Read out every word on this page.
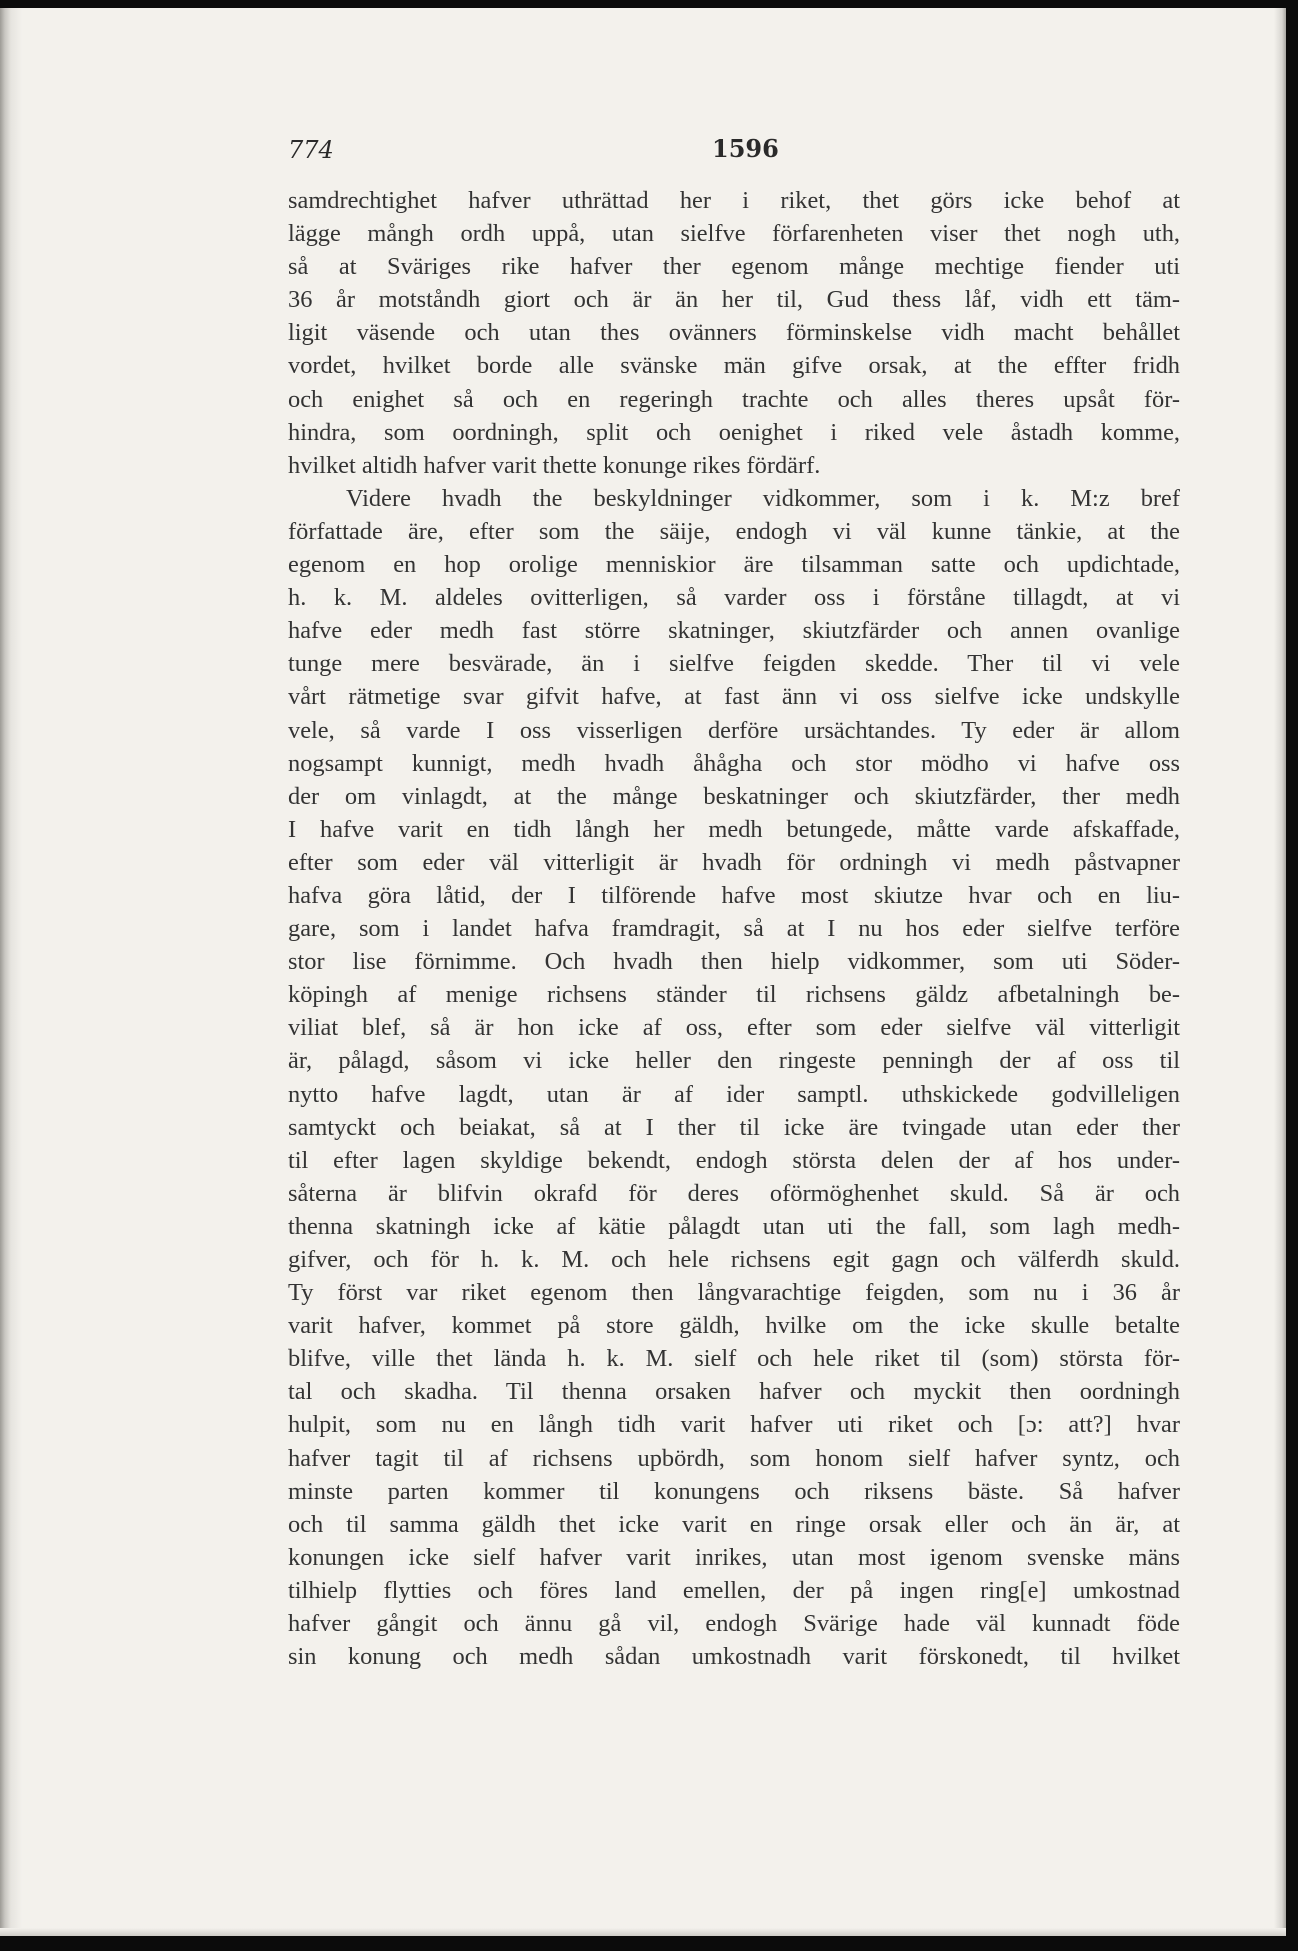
774	1596
samdrechtighet hafver uthrättad her i riket, thet görs icke behof at
lägge mångh ordh uppå, utan sielfve förfarenheten viser thet nogh uth,
så at Sväriges rike hafver ther egenom månge mechtige fiender uti
36 år motståndh giort och är än her til, Gud thess låf, vidh ett täm-
ligit väsende och utan thes ovänners förminskelse vidh macht behållet
vordet, hvilket borde alle svänske män gifve orsak, at the effter fridh
och enighet så och en regeringh trachte och alles theres upsåt för-
hindra, som oordningh, split och oenighet i riked vele åstadh komme,
hvilket altidh hafver varit thette konunge rikes fördärf.
Videre hvadh the beskyldninger vidkommer, som i k. M:z bref
författade äre, efter som the säije, endogh vi väl kunne tänkie, at the
egenom en hop orolige menniskior äre tilsamman satte och updichtade,
h. k. M. aldeles ovitterligen, så varder oss i förståne tillagdt, at vi
hafve eder medh fast större skatninger, skiutzfärder och annen ovanlige
tunge mere besvärade, än i sielfve feigden skedde. Ther til vi vele
vårt rätmetige svar gifvit hafve, at fast änn vi oss sielfve icke undskylle
vele, så varde I oss visserligen derföre ursächtandes. Ty eder är allom
nogsampt kunnigt, medh hvadh åhågha och stor mödho vi hafve oss
der om vinlagdt, at the månge beskatninger och skiutzfärder, ther medh
I hafve varit en tidh långh her medh betungede, måtte varde afskaffade,
efter som eder väl vitterligit är hvadh för ordningh vi medh påstvapner
hafva göra låtid, der I tilförende hafve most skiutze hvar och en liu-
gare, som i landet hafva framdragit, så at I nu hos eder sielfve terföre
stor lise förnimme. Och hvadh then hielp vidkommer, som uti Söder-
köpingh af menige richsens ständer til richsens gäldz afbetalningh be-
viliat blef, så är hon icke af oss, efter som eder sielfve väl vitterligit
är, pålagd, såsom vi icke heller den ringeste penningh der af oss til
nytto hafve lagdt, utan är af ider samptl. uthskickede godvilleligen
samtyckt och beiakat, så at I ther til icke äre tvingade utan eder ther
til efter lagen skyldige bekendt, endogh största delen der af hos under-
såterna är blifvin okrafd för deres oförmöghenhet skuld. Så är och
thenna skatningh icke af kätie pålagdt utan uti the fall, som lagh medh-
gifver, och för h. k. M. och hele richsens egit gagn och välferdh skuld.
Ty först var riket egenom then långvarachtige feigden, som nu i 36 år
varit hafver, kommet på store gäldh, hvilke om the icke skulle betalte
blifve, ville thet lända h. k. M. sielf och hele riket til (som) största för-
tal och skadha. Til thenna orsaken hafver och myckit then oordningh
hulpit, som nu en långh tidh varit hafver uti riket och [ɔ: att?] hvar
hafver tagit til af richsens upbördh, som honom sielf hafver syntz, och
minste parten kommer til konungens och riksens bäste. Så hafver
och til samma gäldh thet icke varit en ringe orsak eller och än är, at
konungen icke sielf hafver varit inrikes, utan most igenom svenske mäns
tilhielp flytties och föres land emellen, der på ingen ring[e] umkostnad
hafver gångit och ännu gå vil, endogh Svärige hade väl kunnadt föde
sin konung och medh sådan umkostnadh varit förskonedt, til hvilket
